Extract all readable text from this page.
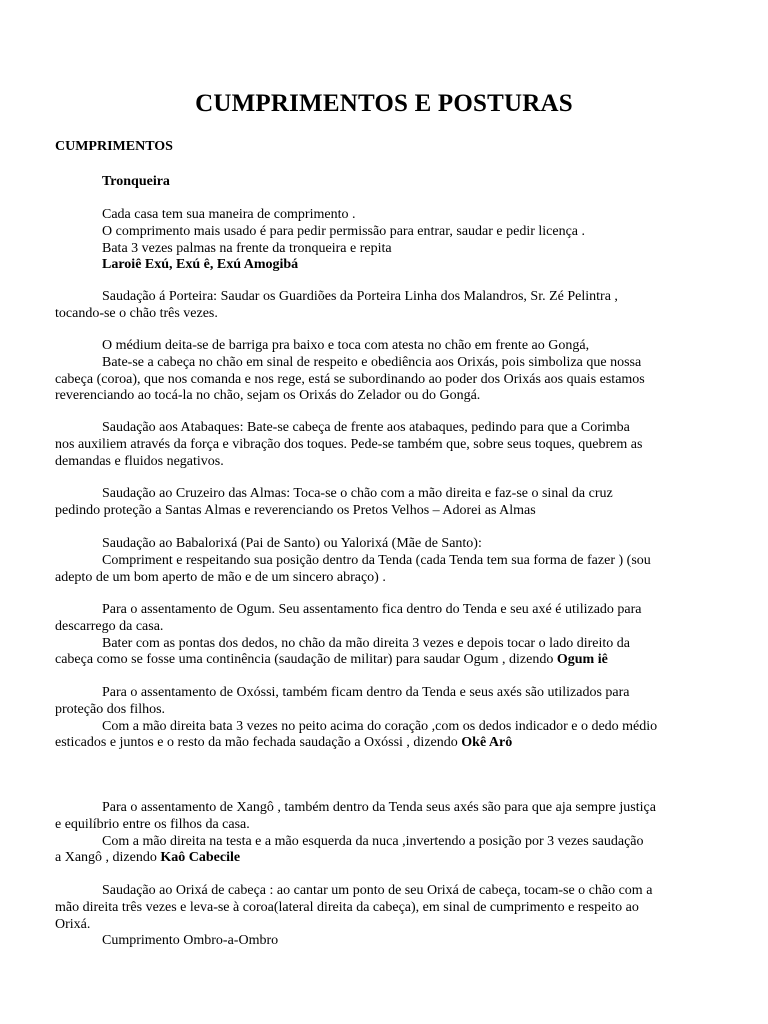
CUMPRIMENTOS E POSTURAS
CUMPRIMENTOS
Tronqueira
Cada casa tem sua maneira de comprimento .
O comprimento mais usado é para pedir permissão para entrar, saudar e pedir licença .
Bata 3 vezes palmas na frente da tronqueira e repita
Laroiê Exú, Exú ê, Exú Amogibá
Saudação á Porteira: Saudar os Guardiões da Porteira Linha dos Malandros, Sr. Zé Pelintra ,
tocando-se o chão três vezes.
O médium deita-se de barriga pra baixo e toca com atesta no chão em frente ao Gongá,
Bate-se a cabeça no chão em sinal de respeito e obediência aos Orixás, pois simboliza que nossa
cabeça (coroa), que nos comanda e nos rege, está se subordinando ao poder dos Orixás aos quais estamos
reverenciando ao tocá-la no chão, sejam os Orixás do Zelador ou do Gongá.
Saudação aos Atabaques: Bate-se cabeça de frente aos atabaques, pedindo para que a Corimba
nos auxiliem através da força e vibração dos toques. Pede-se também que, sobre seus toques, quebrem as
demandas e fluidos negativos.
Saudação ao Cruzeiro das Almas: Toca-se o chão com a mão direita e faz-se o sinal da cruz
pedindo proteção a Santas Almas e reverenciando os Pretos Velhos – Adorei as Almas
Saudação ao Babalorixá (Pai de Santo) ou Yalorixá (Mãe de Santo):
Compriment e respeitando sua posição dentro da Tenda (cada Tenda tem sua forma de fazer ) (sou
adepto de um bom aperto de mão e de um sincero abraço) .
Para o assentamento de Ogum. Seu assentamento fica dentro do Tenda e seu axé é utilizado para
descarrego da casa.
Bater com as pontas dos dedos, no chão da mão direita 3 vezes e depois tocar o lado direito da
cabeça como se fosse uma continência (saudação de militar) para saudar Ogum , dizendo Ogum iê
Para o assentamento de Oxóssi, também ficam dentro da Tenda e seus axés são utilizados para
proteção dos filhos.
Com a mão direita bata 3 vezes no peito acima do coração ,com os dedos indicador e o dedo médio
esticados e juntos e o resto da mão fechada saudação a Oxóssi , dizendo Okê Arô
Para o assentamento de Xangô , também dentro da Tenda seus axés são para que aja sempre justiça
e equilíbrio entre os filhos da casa.
Com a mão direita na testa e a mão esquerda da nuca ,invertendo a posição por 3 vezes saudação
a Xangô , dizendo Kaô Cabecile
Saudação ao Orixá de cabeça : ao cantar um ponto de seu Orixá de cabeça, tocam-se o chão com a
mão direita três vezes e leva-se à coroa(lateral direita da cabeça), em sinal de cumprimento e respeito ao
Orixá.
Cumprimento Ombro-a-Ombro
